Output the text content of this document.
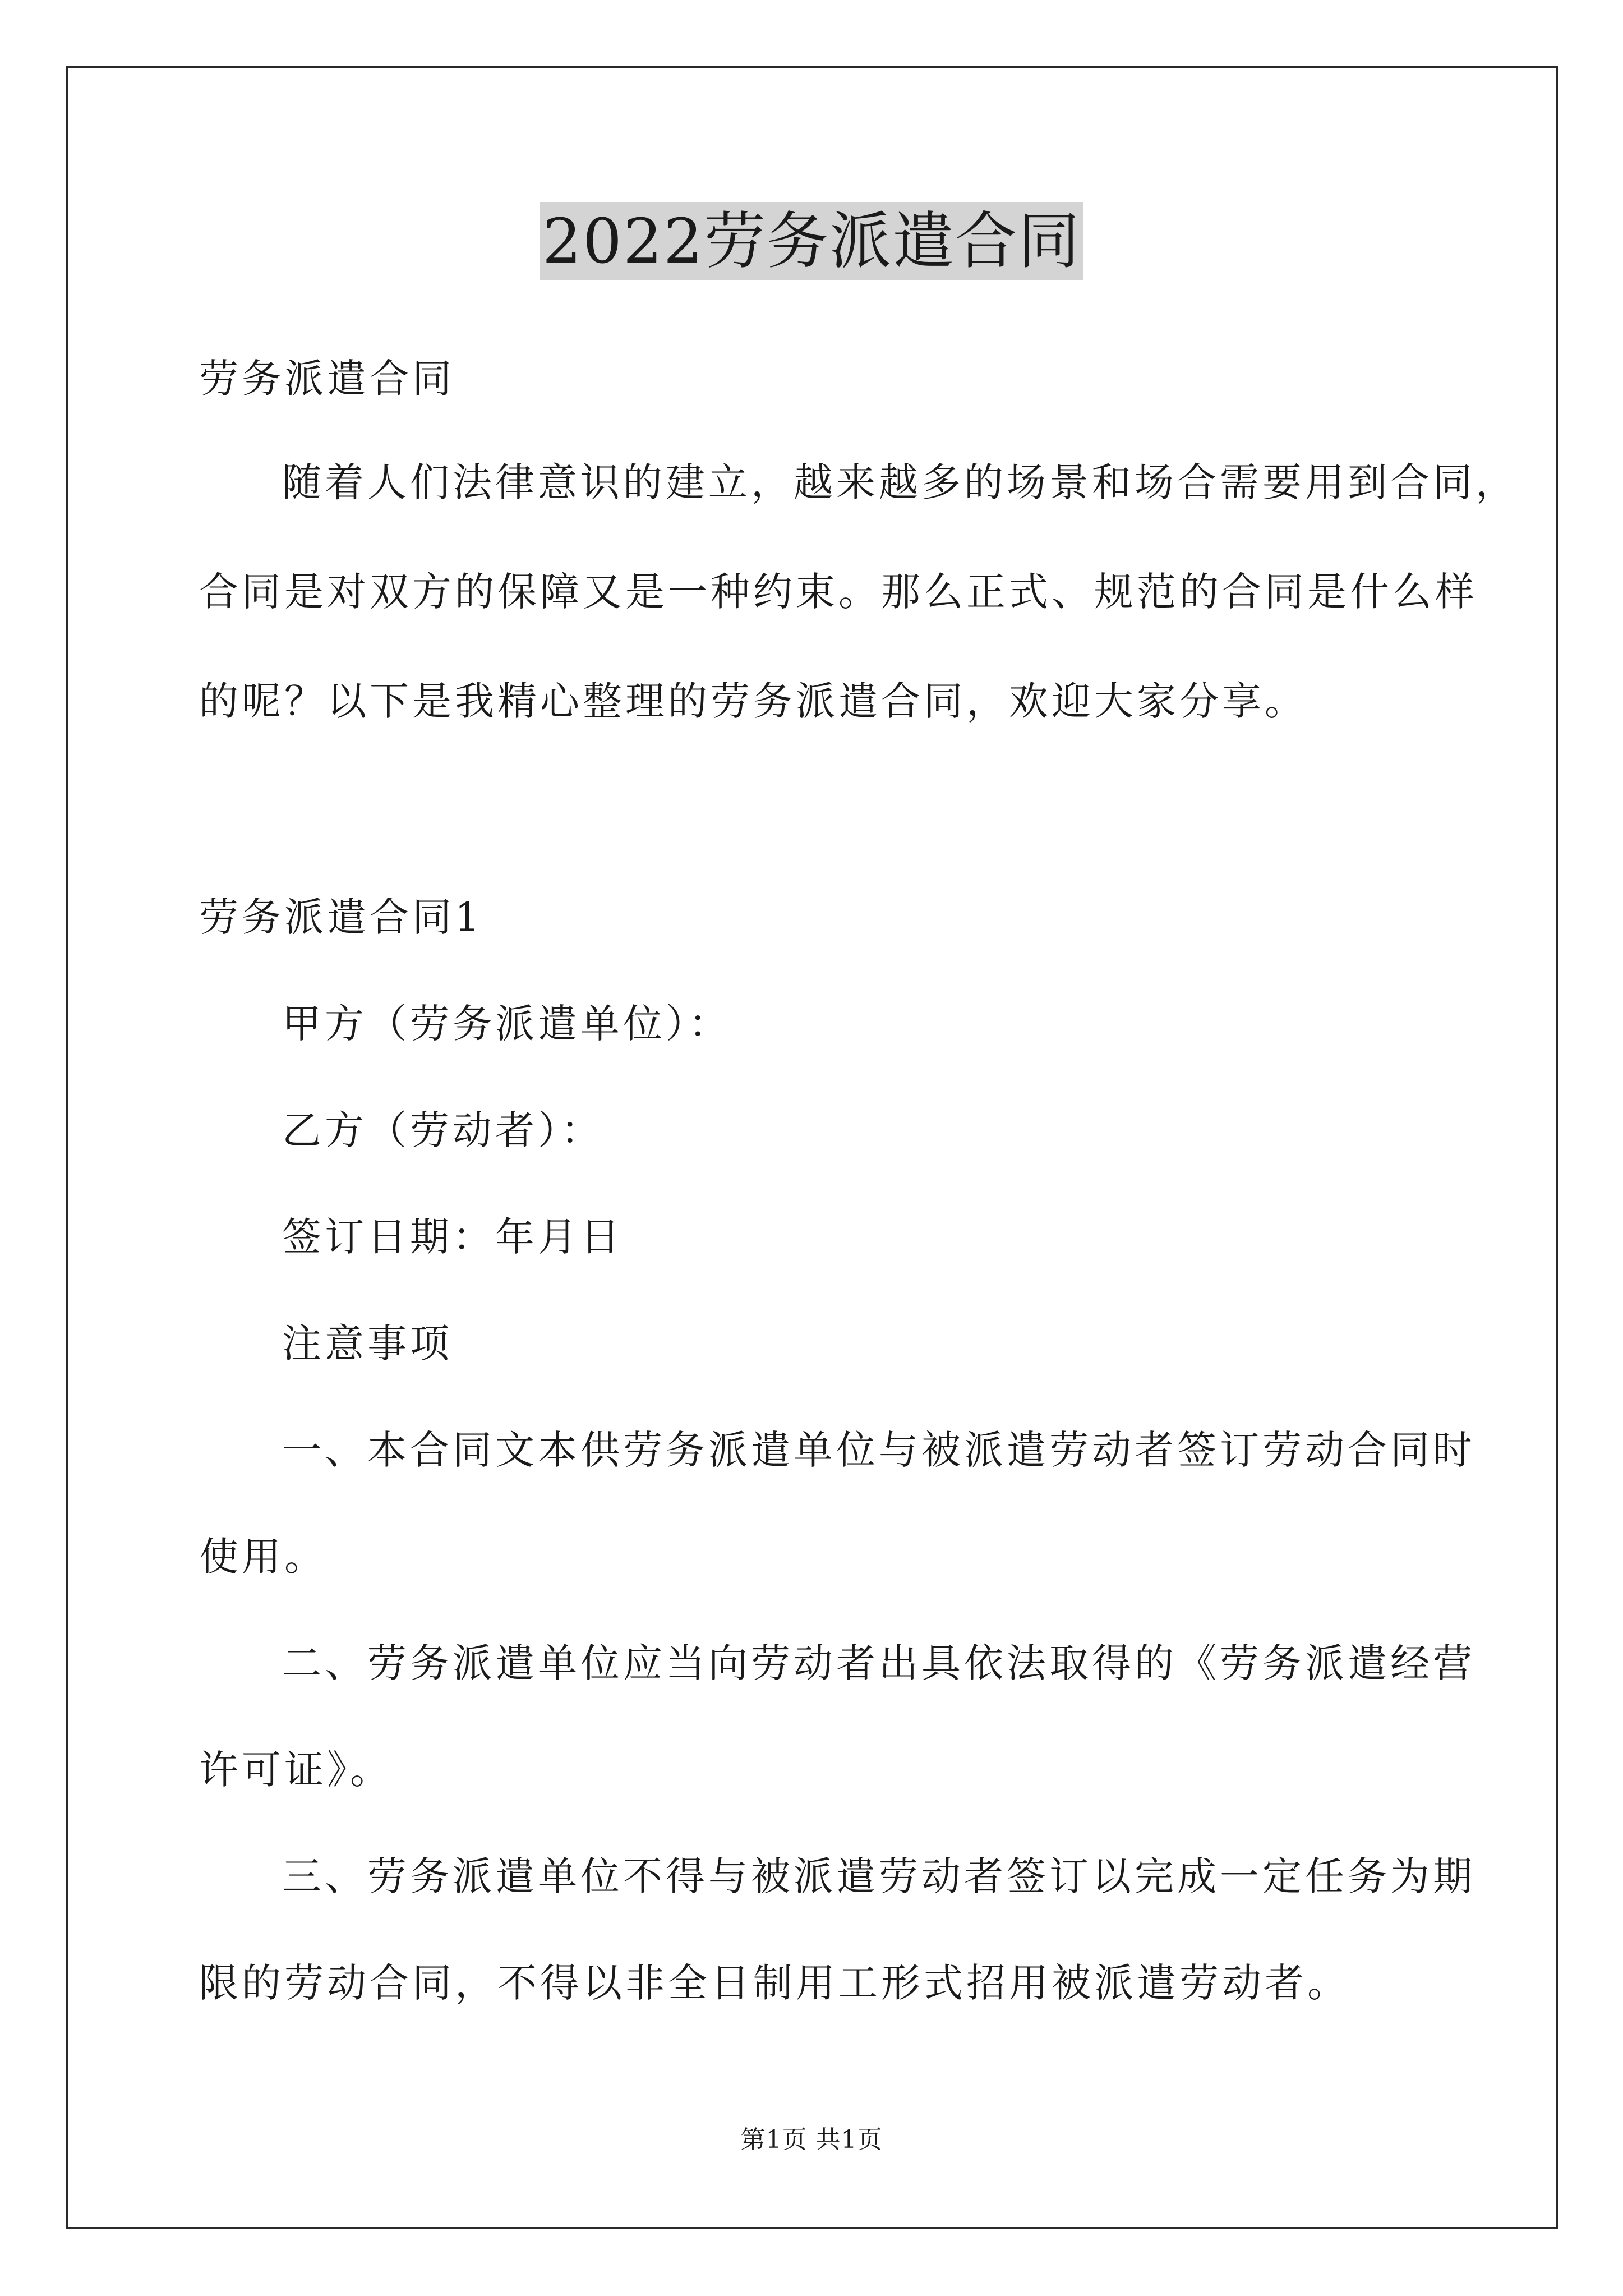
2022劳务派遣合同
劳务派遣合同
随着人们法律意识的建立，越来越多的场景和场合需要用到合同，
合同是对双方的保障又是一种约束。那么正式、规范的合同是什么样
的呢？以下是我精心整理的劳务派遣合同，欢迎大家分享。
劳务派遣合同1
甲方（劳务派遣单位）：
乙方（劳动者）：
签订日期：年月日
注意事项
一、本合同文本供劳务派遣单位与被派遣劳动者签订劳动合同时
使用。
二、劳务派遣单位应当向劳动者出具依法取得的《劳务派遣经营
许可证》。
三、劳务派遣单位不得与被派遣劳动者签订以完成一定任务为期
限的劳动合同，不得以非全日制用工形式招用被派遣劳动者。
第1页 共1页
